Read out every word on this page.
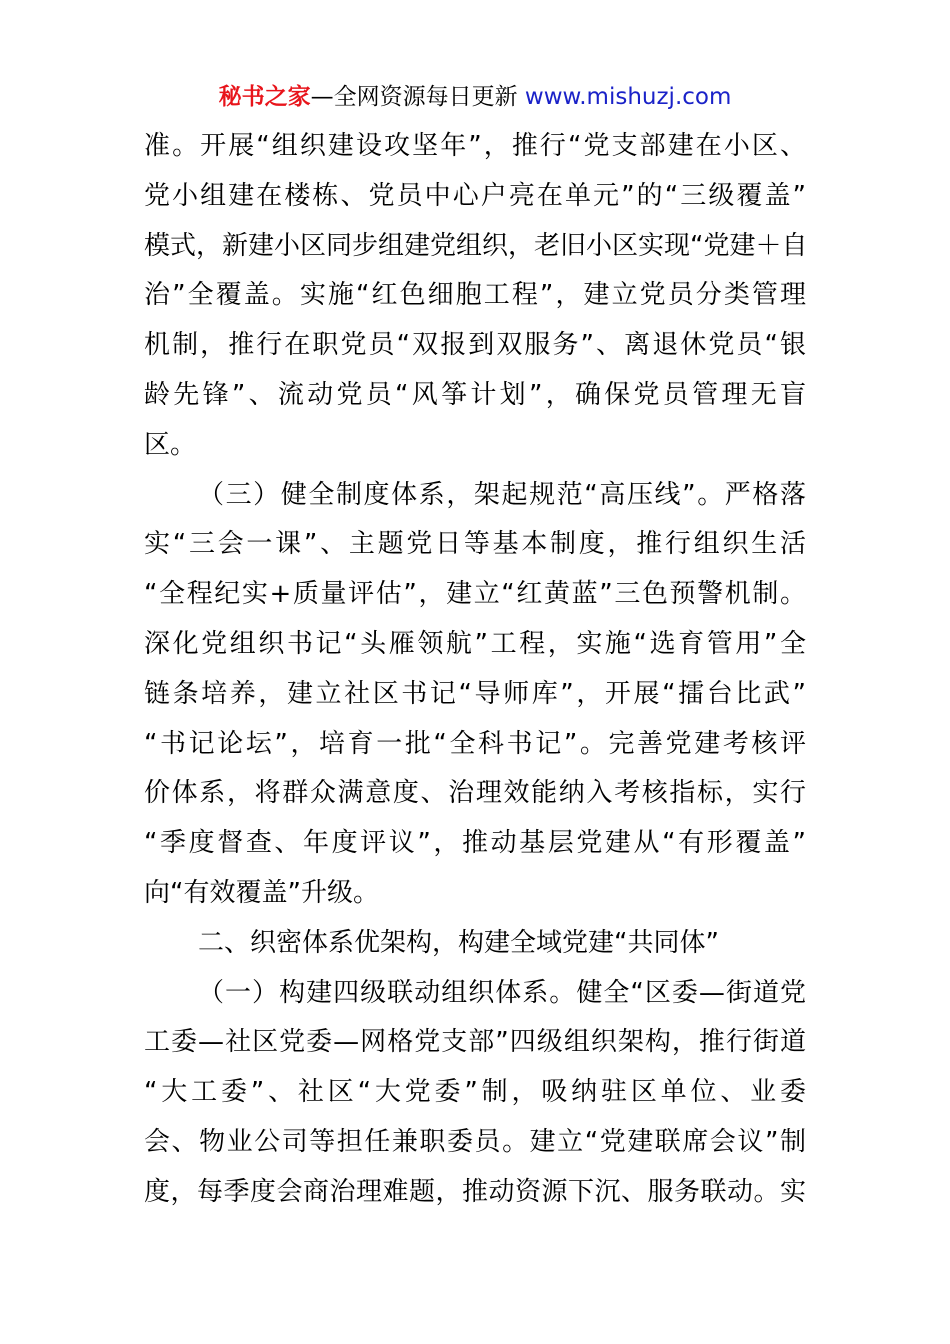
秘书之家—全网资源每日更新 www.mishuzj.com
准。开展“组织建设攻坚年”，推行“党支部建在小区、
党小组建在楼栋、党员中心户亮在单元”的“三级覆盖”
模式，新建小区同步组建党组织，老旧小区实现“党建＋自
治”全覆盖。实施“红色细胞工程”，建立党员分类管理
机制，推行在职党员“双报到双服务”、离退休党员“银
龄先锋”、流动党员“风筝计划”，确保党员管理无盲
区。
（三）健全制度体系，架起规范“高压线”。严格落
实“三会一课”、主题党日等基本制度，推行组织生活
“全程纪实+质量评估”，建立“红黄蓝”三色预警机制。
深化党组织书记“头雁领航”工程，实施“选育管用”全
链条培养，建立社区书记“导师库”，开展“擂台比武”
“书记论坛”，培育一批“全科书记”。完善党建考核评
价体系，将群众满意度、治理效能纳入考核指标，实行
“季度督查、年度评议”，推动基层党建从“有形覆盖”
向“有效覆盖”升级。
二、织密体系优架构，构建全域党建“共同体”
（一）构建四级联动组织体系。健全“区委—街道党
工委—社区党委—网格党支部”四级组织架构，推行街道
“大工委”、社区“大党委”制，吸纳驻区单位、业委
会、物业公司等担任兼职委员。建立“党建联席会议”制
度，每季度会商治理难题，推动资源下沉、服务联动。实
